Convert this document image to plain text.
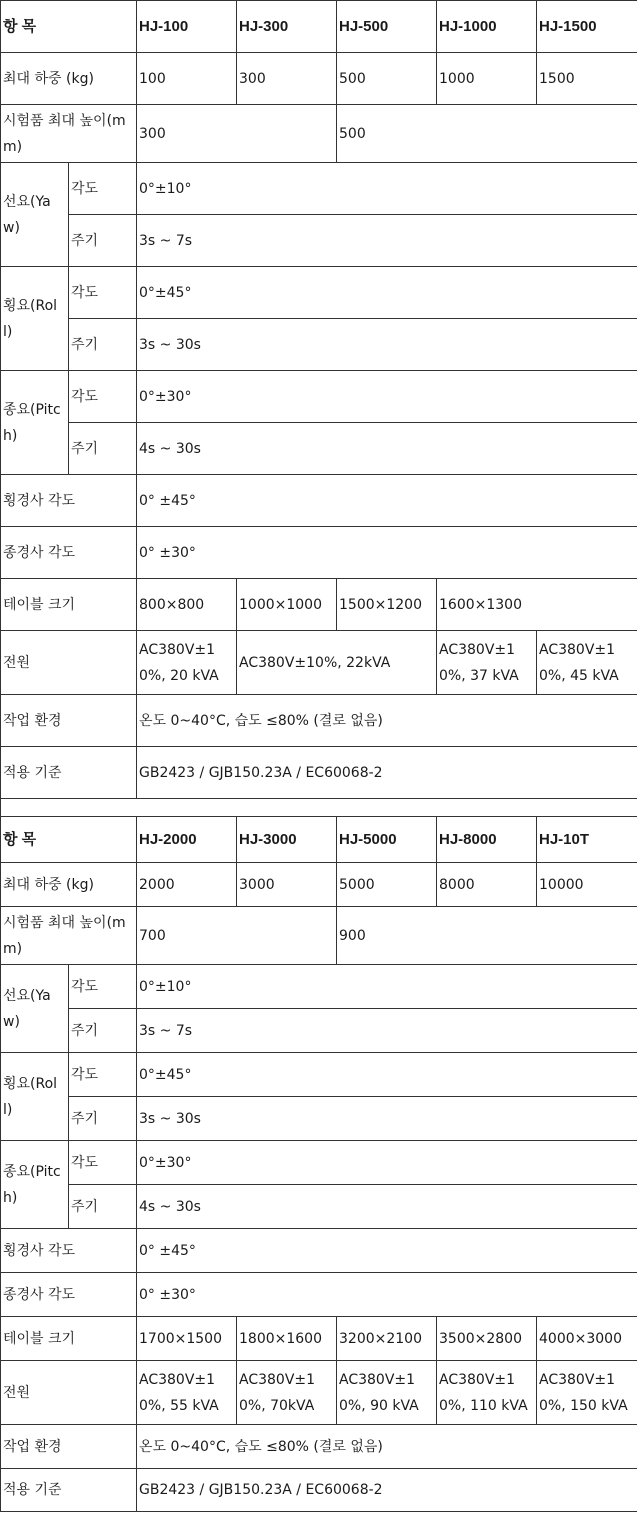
항 목		HJ-100	HJ-300	HJ-500	HJ-1000	HJ-1500
최대 하중 (kg)		100	300	500	1000	1500
시험품 최대 높이(mm)		300		500		
선요(Yaw)	각도	0°±10°				
	주기	3s ~ 7s				
횡요(Roll)	각도	0°±45°				
	주기	3s ~ 30s				
종요(Pitch)	각도	0°±30°				
	주기	4s ~ 30s				
횡경사 각도		0° ±45°				
종경사 각도		0° ±30°				
테이블 크기		800×800	1000×1000	1500×1200	1600×1300	
전원		AC380V±10%, 20 kVA	AC380V±10%, 22kVA		AC380V±10%, 37 kVA	AC380V±10%, 45 kVA
작업 환경		온도 0~40°C, 습도 ≤80% (결로 없음)				
적용 기준		GB2423 / GJB150.23A / EC60068-2				

항 목		HJ-2000	HJ-3000	HJ-5000	HJ-8000	HJ-10T
최대 하중 (kg)		2000	3000	5000	8000	10000
시험품 최대 높이(mm)		700		900		
선요(Yaw)	각도	0°±10°				
	주기	3s ~ 7s				
횡요(Roll)	각도	0°±45°				
	주기	3s ~ 30s				
종요(Pitch)	각도	0°±30°				
	주기	4s ~ 30s				
횡경사 각도		0° ±45°				
종경사 각도		0° ±30°				
테이블 크기		1700×1500	1800×1600	3200×2100	3500×2800	4000×3000
전원		AC380V±10%, 55 kVA	AC380V±10%, 70kVA	AC380V±10%, 90 kVA	AC380V±10%, 110 kVA	AC380V±10%, 150 kVA
작업 환경		온도 0~40°C, 습도 ≤80% (결로 없음)				
적용 기준		GB2423 / GJB150.23A / EC60068-2				
